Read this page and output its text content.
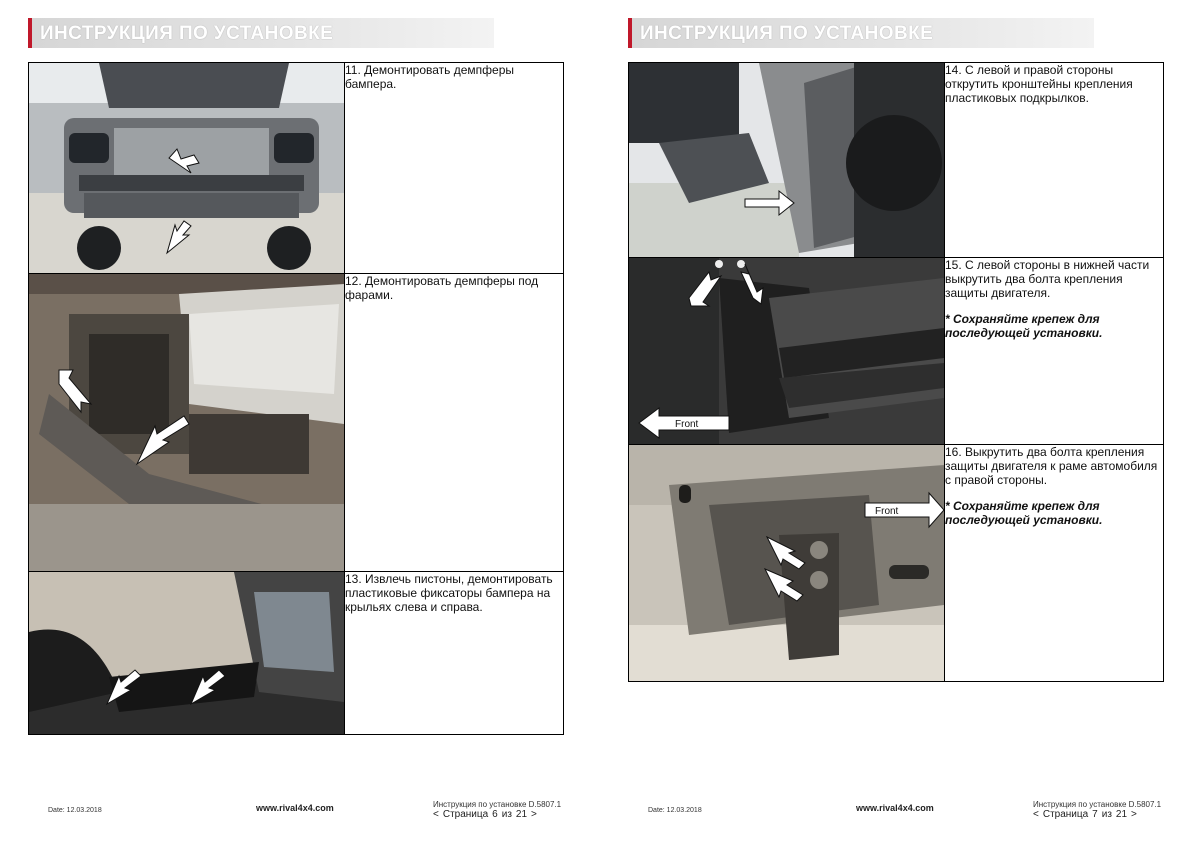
ИНСТРУКЦИЯ ПО УСТАНОВКЕ

11. Демонтировать демпферы бампера.

12. Демонтировать демпферы под фарами.

13. Извлечь пистоны, демонтировать пластиковые фиксаторы бампера на крыльях слева и справа.
Date: 12.03.2018	www.rival4x4.com	Инструкция по установке D.5807.1
< Страница 6 из 21 >
ИНСТРУКЦИЯ ПО УСТАНОВКЕ

14. С левой и правой стороны открутить кронштейны крепления пластиковых подкрылков.

Front	15. С левой стороны в нижней части выкрутить два болта крепления защиты двигателя.
* Сохраняйте крепеж для последующей установки.

Front	16. Выкрутить два болта крепления защиты двигателя к раме автомобиля с правой стороны.
* Сохраняйте крепеж для последующей установки.
Date: 12.03.2018	www.rival4x4.com	Инструкция по установке D.5807.1
< Страница 7 из 21 >
